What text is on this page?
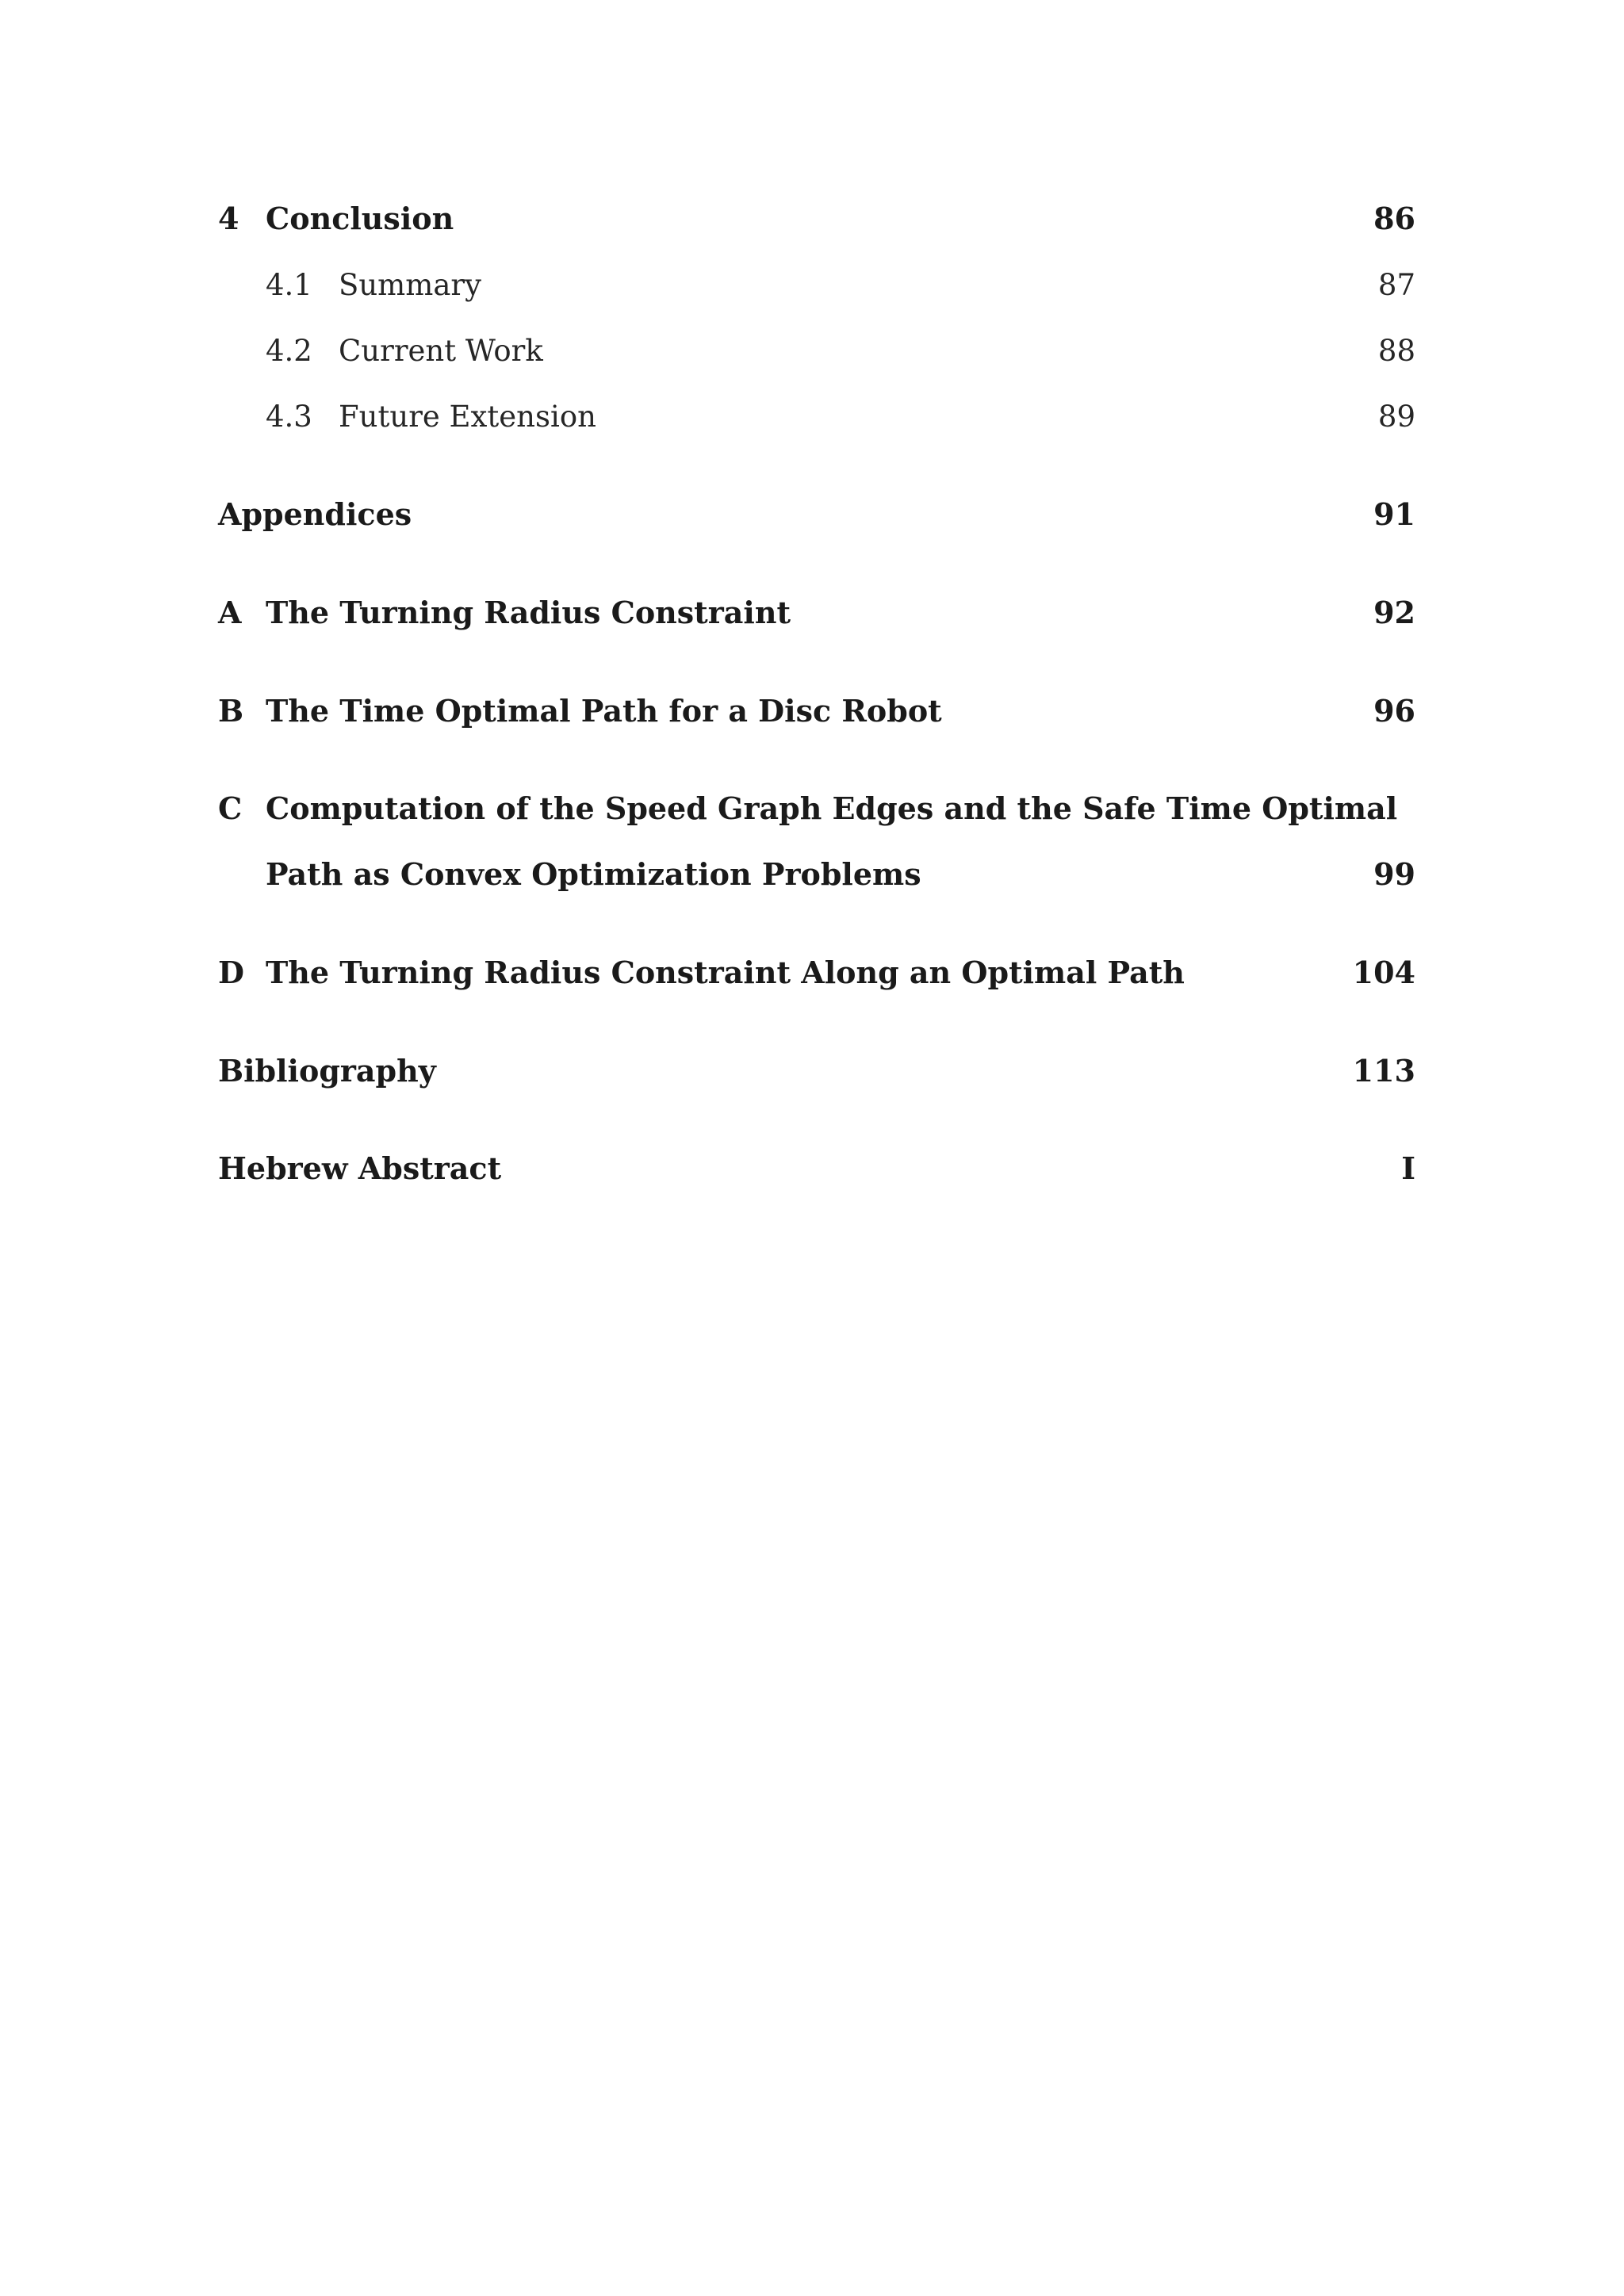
4 Conclusion	86
4.1 Summary	87
4.2 Current Work	88
4.3 Future Extension	89
Appendices	91
A The Turning Radius Constraint	92
B The Time Optimal Path for a Disc Robot	96
C Computation of the Speed Graph Edges and the Safe Time Optimal
Path as Convex Optimization Problems	99
D The Turning Radius Constraint Along an Optimal Path	104
Bibliography	113
Hebrew Abstract	I
